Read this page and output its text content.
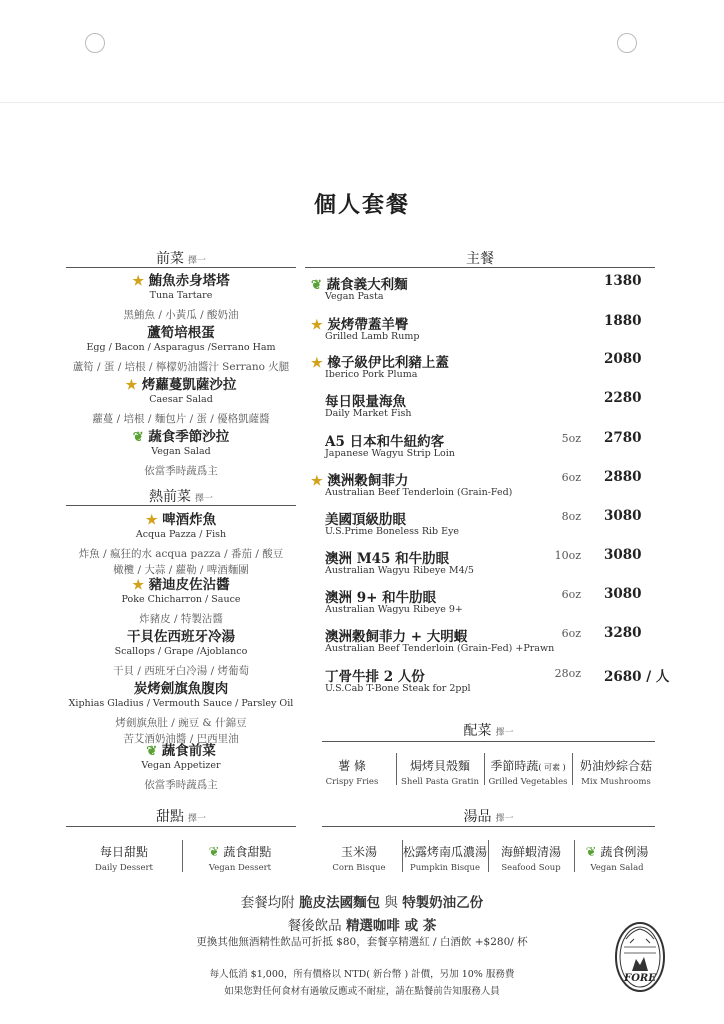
個人套餐
前菜 擇一
★ 鮪魚赤身塔塔
Tuna Tartare
黑鮪魚 / 小黃瓜 / 酸奶油
蘆筍培根蛋
Egg / Bacon / Asparagus /Serrano Ham
蘆筍 / 蛋 / 培根 / 檸檬奶油醬汁 Serrano 火腿
★ 烤蘿蔓凱薩沙拉
Caesar Salad
蘿蔓 / 培根 / 麵包片 / 蛋 / 優格凱薩醬
❦ 蔬食季節沙拉
Vegan Salad
依當季時蔬爲主
熱前菜 擇一
★ 啤酒炸魚
Acqua Pazza / Fish
炸魚 / 瘋狂的水 acqua pazza / 番茄 / 酸豆
橄欖 / 大蒜 / 蘿勒 / 啤酒麵團
★ 豬迪皮佐沾醬
Poke Chicharron / Sauce
炸豬皮 / 特製沾醬
干貝佐西班牙冷湯
Scallops / Grape /Ajoblanco
干貝 / 西班牙白冷湯 / 烤葡萄
炭烤劍旗魚腹肉
Xiphias Gladius / Vermouth Sauce / Parsley Oil
烤劍旗魚肚 / 豌豆 & 什錦豆
苦艾酒奶油醬 / 巴西里油
❦ 蔬食前菜
Vegan Appetizer
依當季時蔬爲主
主餐
❦ 蔬食義大利麵
Vegan Pasta
1380
★ 炭烤帶蓋羊臀
Grilled Lamb Rump
1880
★ 橡子級伊比利豬上蓋
Iberico Pork Pluma
2080
每日限量海魚
Daily Market Fish
2280
A5 日本和牛紐約客
Japanese Wagyu Strip Loin
5oz 2780
★ 澳洲穀飼菲力
Australian Beef Tenderloin (Grain-Fed)
6oz 2880
美國頂級肋眼
U.S.Prime Boneless Rib Eye
8oz 3080
澳洲 M45 和牛肋眼
Australian Wagyu Ribeye M4/5
10oz 3080
澳洲 9+ 和牛肋眼
Australian Wagyu Ribeye 9+
6oz 3080
澳洲穀飼菲力 + 大明蝦
Australian Beef Tenderloin (Grain-Fed) +Prawn
6oz 3280
丁骨牛排 2 人份
U.S.Cab T-Bone Steak for 2ppl
28oz 2680 / 人
配菜 擇一
薯 條
Crispy Fries
焗烤貝殼麵
Shell Pasta Gratin
季節時蔬( 可素 )
Grilled Vegetables
奶油炒綜合菇
Mix Mushrooms
甜點 擇一
每日甜點
Daily Dessert
❦ 蔬食甜點
Vegan Dessert
湯品 擇一
玉米湯
Corn Bisque
松露烤南瓜濃湯
Pumpkin Bisque
海鮮蝦清湯
Seafood Soup
❦ 蔬食例湯
Vegan Salad
套餐均附 脆皮法國麵包 與 特製奶油乙份
餐後飲品 精選咖啡 或 茶
更換其他無酒精性飲品可折抵 $80，套餐享精選紅 / 白酒飲 +$280/ 杯
每人低消 $1,000，所有價格以 NTD( 新台幣 ) 計價，另加 10% 服務費
如果您對任何食材有過敏反應或不耐症，請在點餐前告知服務人員
FORE
